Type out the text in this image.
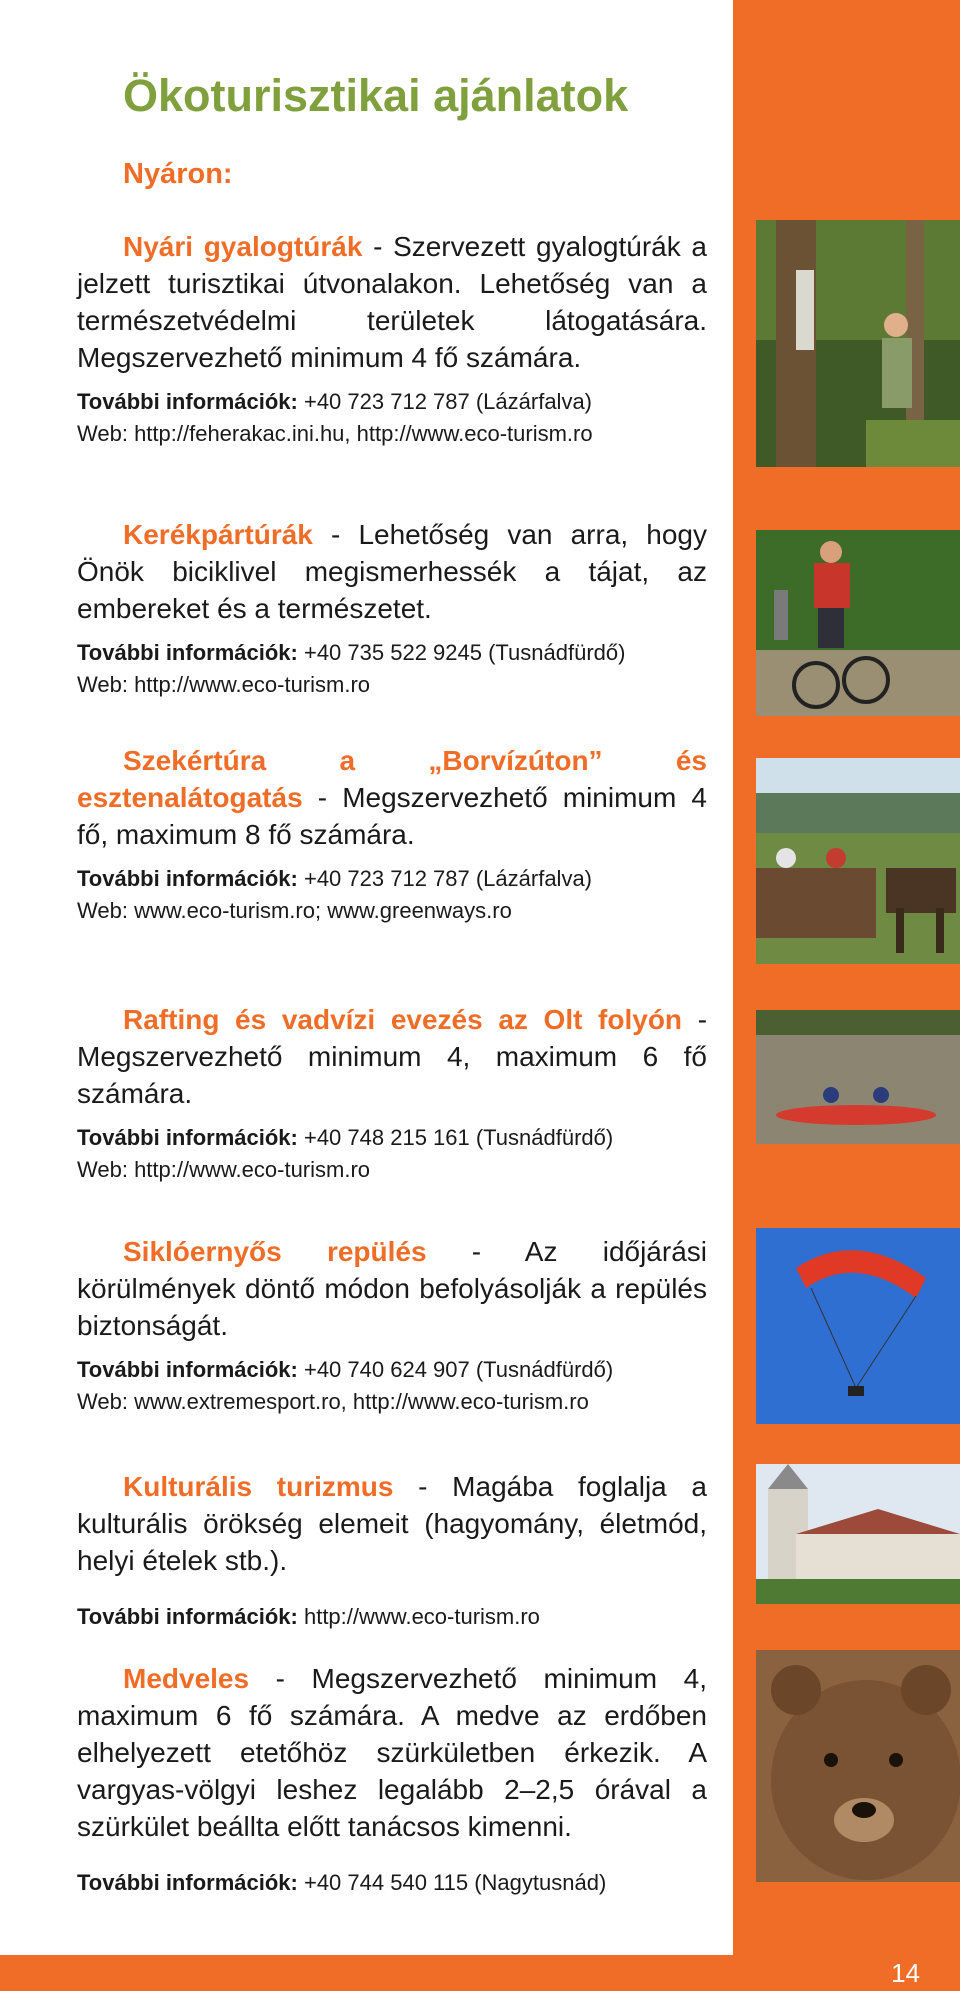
14
Ökoturisztikai ajánlatok
Nyáron:

Nyári gyalogtúrák - Szervezett gyalogtúrák a jelzett turisztikai útvonalakon. Lehetőség van a természetvédelmi területek látogatására. Megszervezhető minimum 4 fő számára.

További információk: +40 723 712 787 (Lázárfalva)

Web: http://feherakac.ini.hu, http://www.eco-turism.ro

Kerékpártúrák - Lehetőség van arra, hogy Önök biciklivel megismerhessék a tájat, az embereket és a természetet.

További információk: +40 735 522 9245 (Tusnádfürdő)

Web: http://www.eco-turism.ro

Szekértúra a „Borvízúton” és esztenalátogatás - Megszervezhető minimum 4 fő, maximum 8 fő számára.

További információk: +40 723 712 787 (Lázárfalva)

Web: www.eco-turism.ro; www.greenways.ro

Rafting és vadvízi evezés az Olt folyón - Megszervezhető minimum 4, maximum 6 fő számára.

További információk: +40 748 215 161 (Tusnádfürdő)

Web: http://www.eco-turism.ro

Siklóernyős repülés - Az időjárási körülmények döntő módon befolyásolják a repülés biztonságát.

További információk: +40 740 624 907 (Tusnádfürdő)

Web: www.extremesport.ro, http://www.eco-turism.ro

Kulturális turizmus - Magába foglalja a kulturális örökség elemeit (hagyomány, életmód, helyi ételek stb.).

További információk: http://www.eco-turism.ro

Medveles - Megszervezhető minimum 4, maximum 6 fő számára. A medve az erdőben elhelyezett etetőhöz szürkületben érkezik. A vargyas-völgyi leshez legalább 2–2,5 órával a szürkület beállta előtt tanácsos kimenni.

További információk: +40 744 540 115 (Nagytusnád)
